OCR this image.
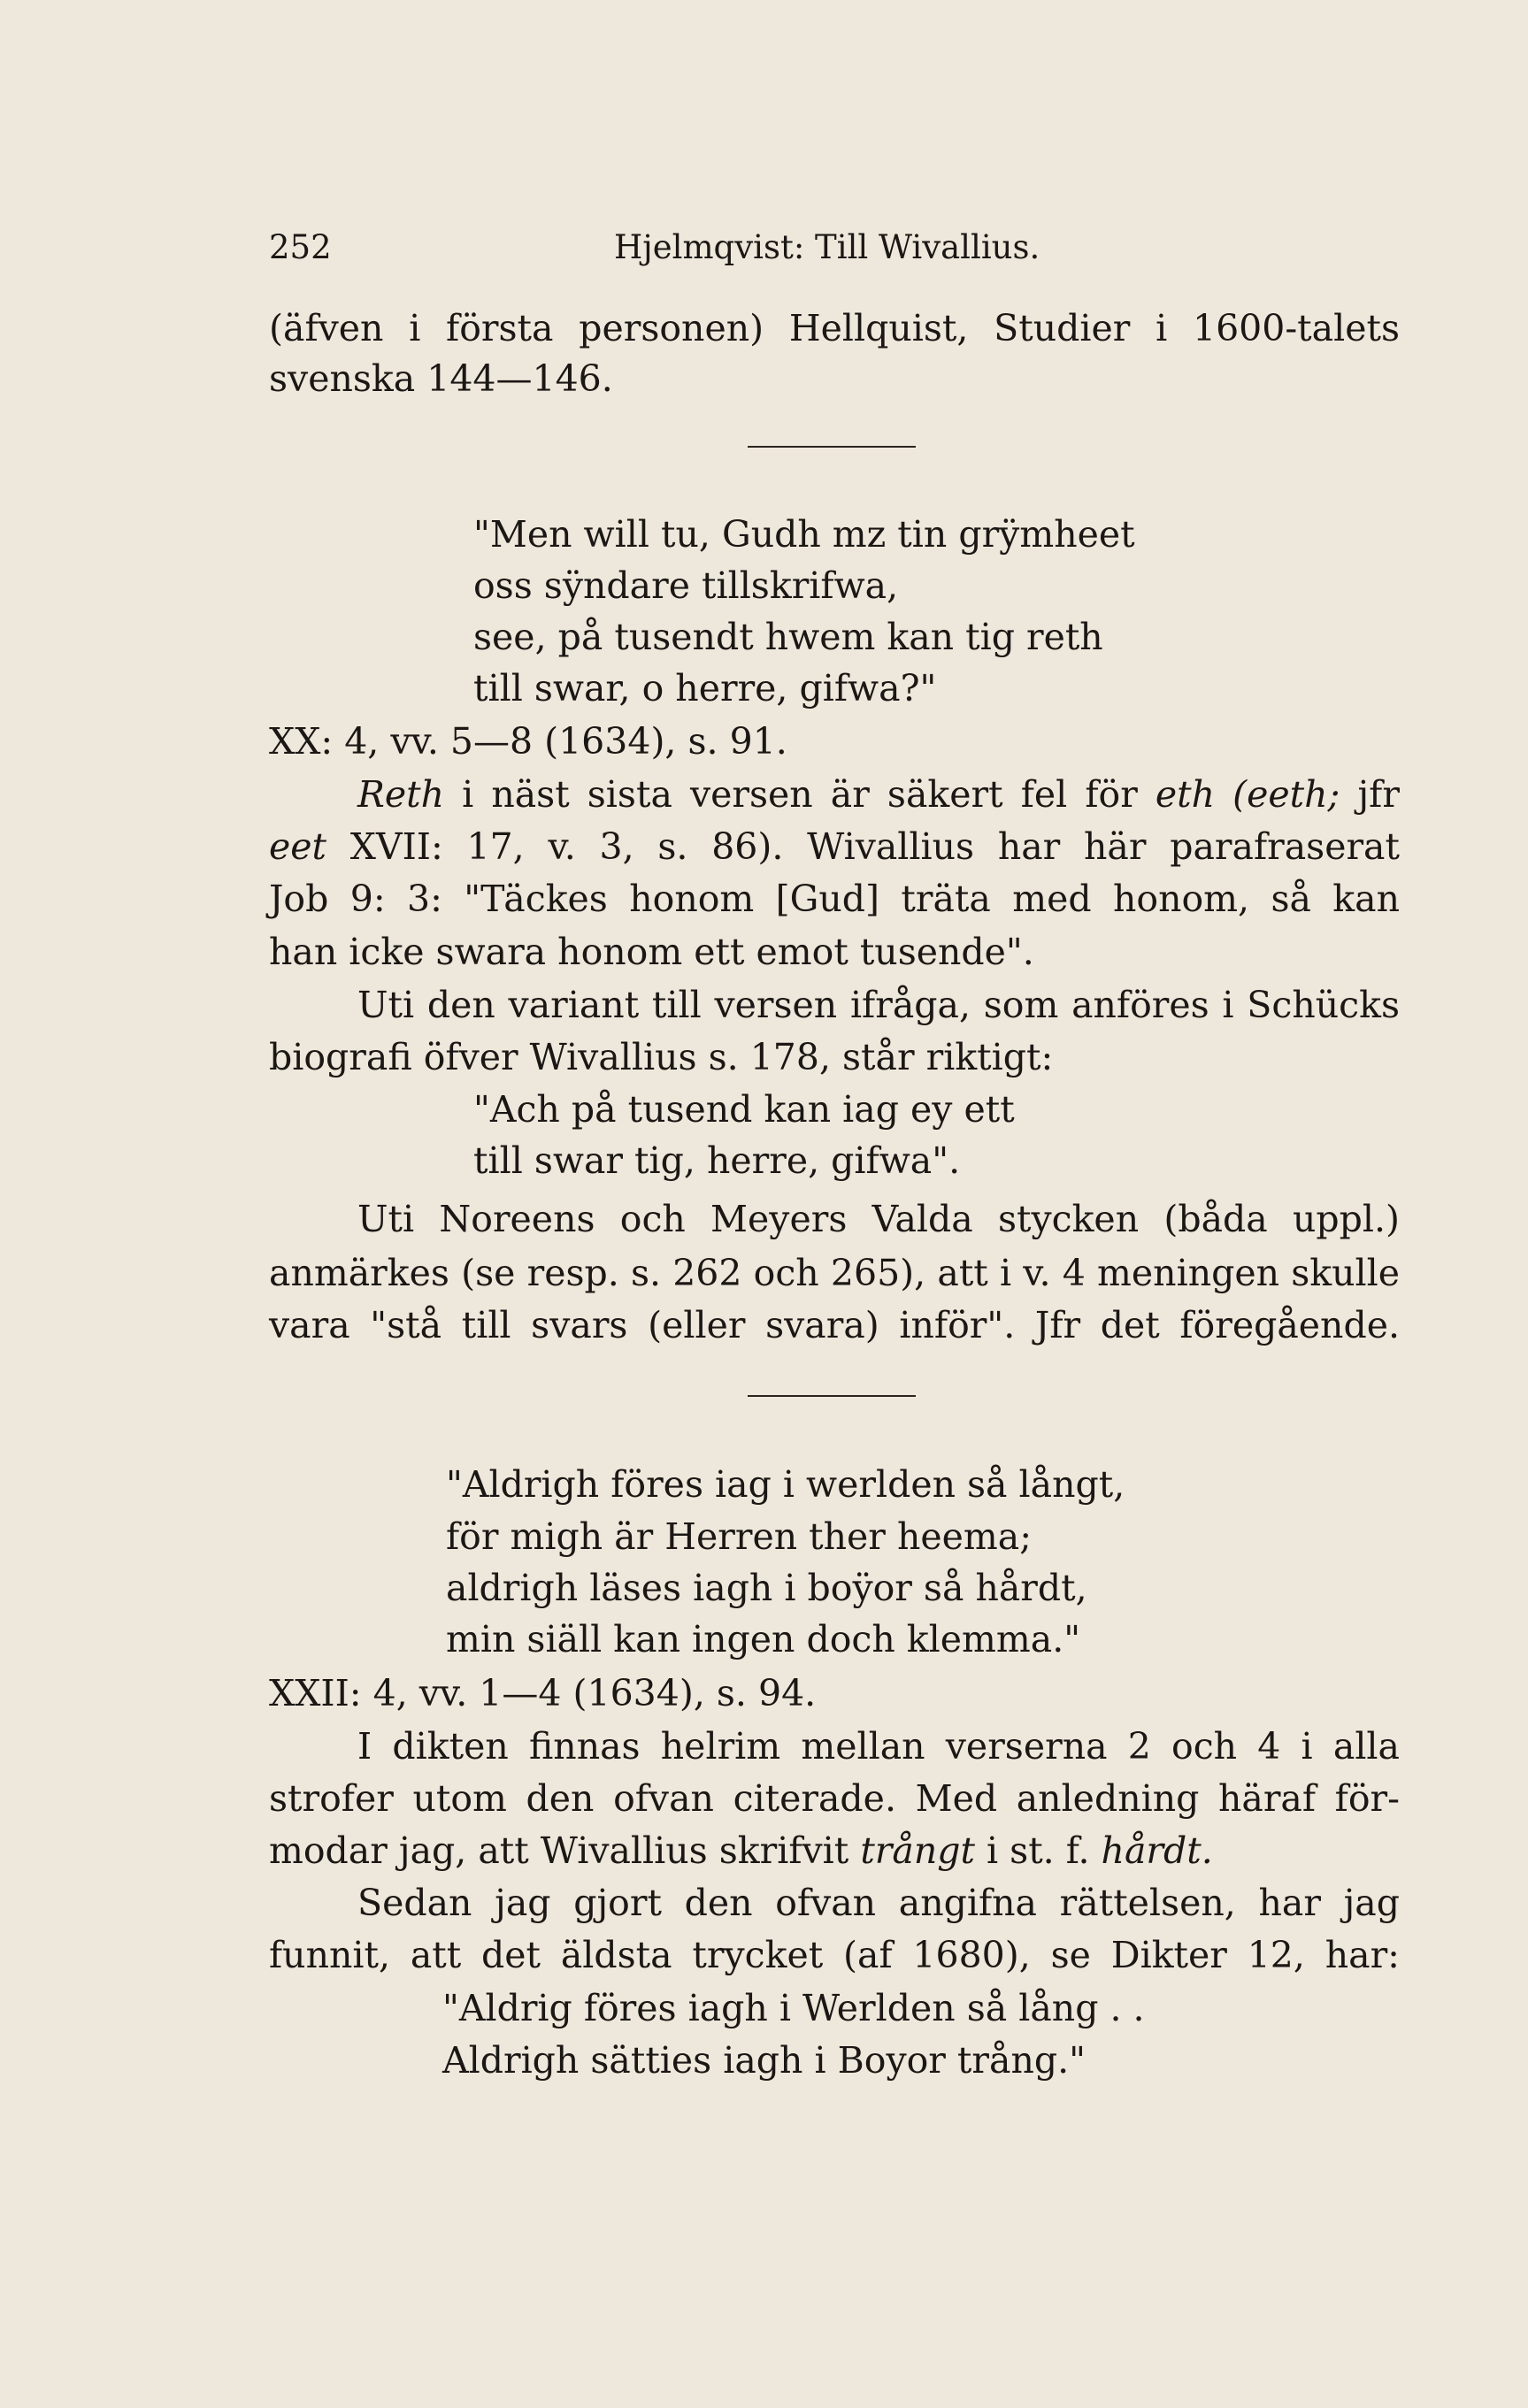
252	Hjelmqvist: Till Wivallius.
(äfven i första personen) Hellquist, Studier i 1600-talets
svenska 144—146.
"Men will tu, Gudh mz tin grÿmheet
oss sÿndare tillskrifwa,
see, på tusendt hwem kan tig reth
till swar, o herre, gifwa?"
XX: 4, vv. 5—8 (1634), s. 91.
Reth i näst sista versen är säkert fel för eth (eeth; jfr
eet XVII: 17, v. 3, s. 86). Wivallius har här parafraserat
Job 9: 3: "Täckes honom [Gud] träta med honom, så kan
han icke swara honom ett emot tusende".
Uti den variant till versen ifråga, som anföres i Schücks
biografi öfver Wivallius s. 178, står riktigt:
"Ach på tusend kan iag ey ett
till swar tig, herre, gifwa".
Uti Noreens och Meyers Valda stycken (båda uppl.)
anmärkes (se resp. s. 262 och 265), att i v. 4 meningen skulle
vara "stå till svars (eller svara) inför". Jfr det föregående.
"Aldrigh föres iag i werlden så långt,
för migh är Herren ther heema;
aldrigh läses iagh i boÿor så hårdt,
min siäll kan ingen doch klemma."
XXII: 4, vv. 1—4 (1634), s. 94.
I dikten finnas helrim mellan verserna 2 och 4 i alla
strofer utom den ofvan citerade. Med anledning häraf för-
modar jag, att Wivallius skrifvit trångt i st. f. hårdt.
Sedan jag gjort den ofvan angifna rättelsen, har jag
funnit, att det äldsta trycket (af 1680), se Dikter 12, har:
"Aldrig föres iagh i Werlden så lång . .
Aldrigh sätties iagh i Boyor trång."
